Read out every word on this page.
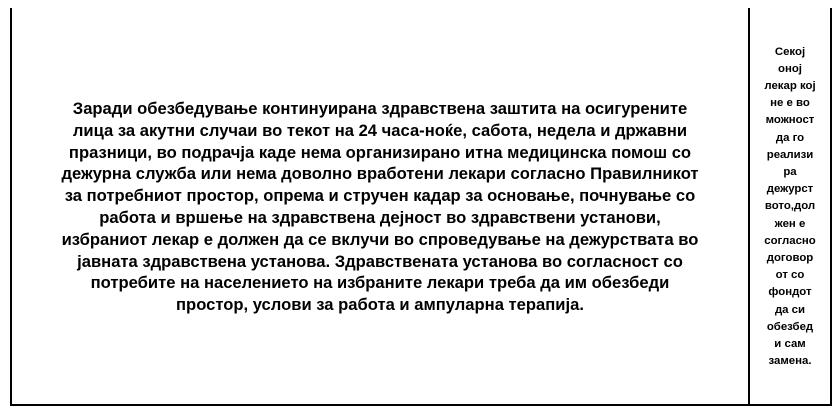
Заради обезбедување континуирана здравствена заштита на осигурените
лица за акутни случаи во текот на 24 часа-ноќе, сабота, недела и државни
празници, во подрачја каде нема организирано итна медицинска помош со
дежурна служба или нема доволно вработени лекари согласно Правилникот
за потребниот простор, опрема и стручен кадар за основање, почнување со
работа и вршење на здравствена дејност во здравствени установи,
избраниот лекар е должен да се вклучи во спроведување на дежурствата во
јавната здравствена установа. Здравствената установа во согласност со
потребите на населението на избраните лекари треба да им обезбеди
простор, услови за работа и ампуларна терапија.

Секој
оној
лекар кој
не е во
можност
да го
реализи
ра
дежурст
вото,дол
жен е
согласно
договор
от со
фондот
да си
обезбед
и сам
замена.
